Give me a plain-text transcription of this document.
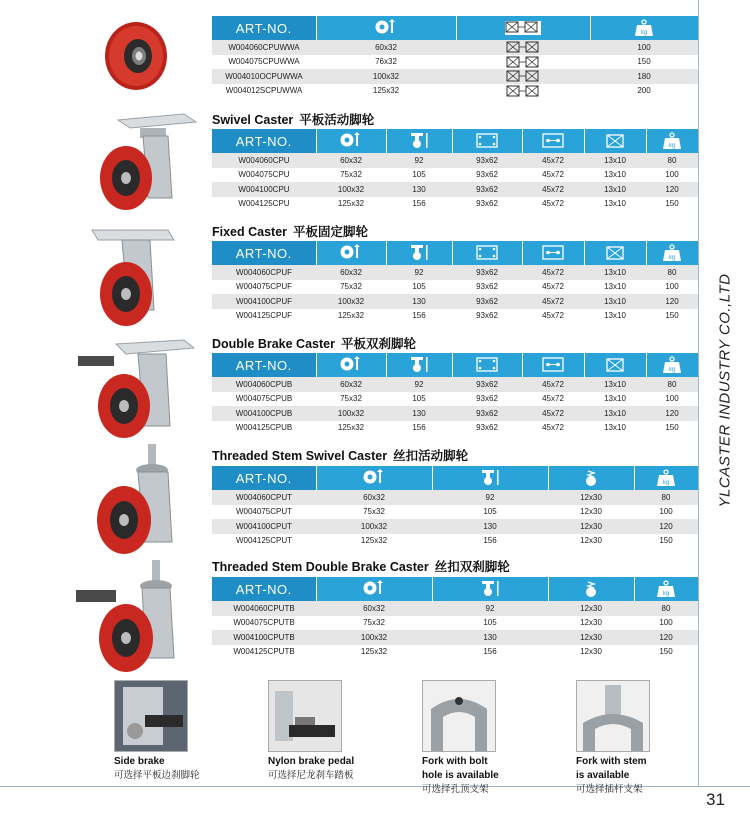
YLCASTER INDUSTRY CO.,LTD
31
ART-NO.			
W004060CPUWWA	60x32		100
W004075CPUWWA	76x32		150
W004010OCPUWWA	100x32		180
W004012SCPUWWA	125x32		200
Swivel Caster 平板活动脚轮
ART-NO.						
W004060CPU	60x32	92	93x62	45x72	13x10	80
W004075CPU	75x32	105	93x62	45x72	13x10	100
W004100CPU	100x32	130	93x62	45x72	13x10	120
W004125CPU	125x32	156	93x62	45x72	13x10	150
Fixed Caster 平板固定脚轮
ART-NO.						
W004060CPUF	60x32	92	93x62	45x72	13x10	80
W004075CPUF	75x32	105	93x62	45x72	13x10	100
W004100CPUF	100x32	130	93x62	45x72	13x10	120
W004125CPUF	125x32	156	93x62	45x72	13x10	150
Double Brake Caster 平板双刹脚轮
ART-NO.						
W004060CPUB	60x32	92	93x62	45x72	13x10	80
W004075CPUB	75x32	105	93x62	45x72	13x10	100
W004100CPUB	100x32	130	93x62	45x72	13x10	120
W004125CPUB	125x32	156	93x62	45x72	13x10	150
Threaded Stem Swivel Caster 丝扣活动脚轮
ART-NO.				
W004060CPUT	60x32	92	12x30	80
W004075CPUT	75x32	105	12x30	100
W004100CPUT	100x32	130	12x30	120
W004125CPUT	125x32	156	12x30	150
Threaded Stem Double Brake Caster 丝扣双刹脚轮
ART-NO.				
W004060CPUTB	60x32	92	12x30	80
W004075CPUTB	75x32	105	12x30	100
W004100CPUTB	100x32	130	12x30	120
W004125CPUTB	125x32	156	12x30	150
Side brake
可选择平板边刹脚轮
Nylon brake pedal
可选择尼龙刹车踏板
Fork with bolt
hole is available
可选择孔顶支架
Fork with stem
is available
可选择插杆支架
